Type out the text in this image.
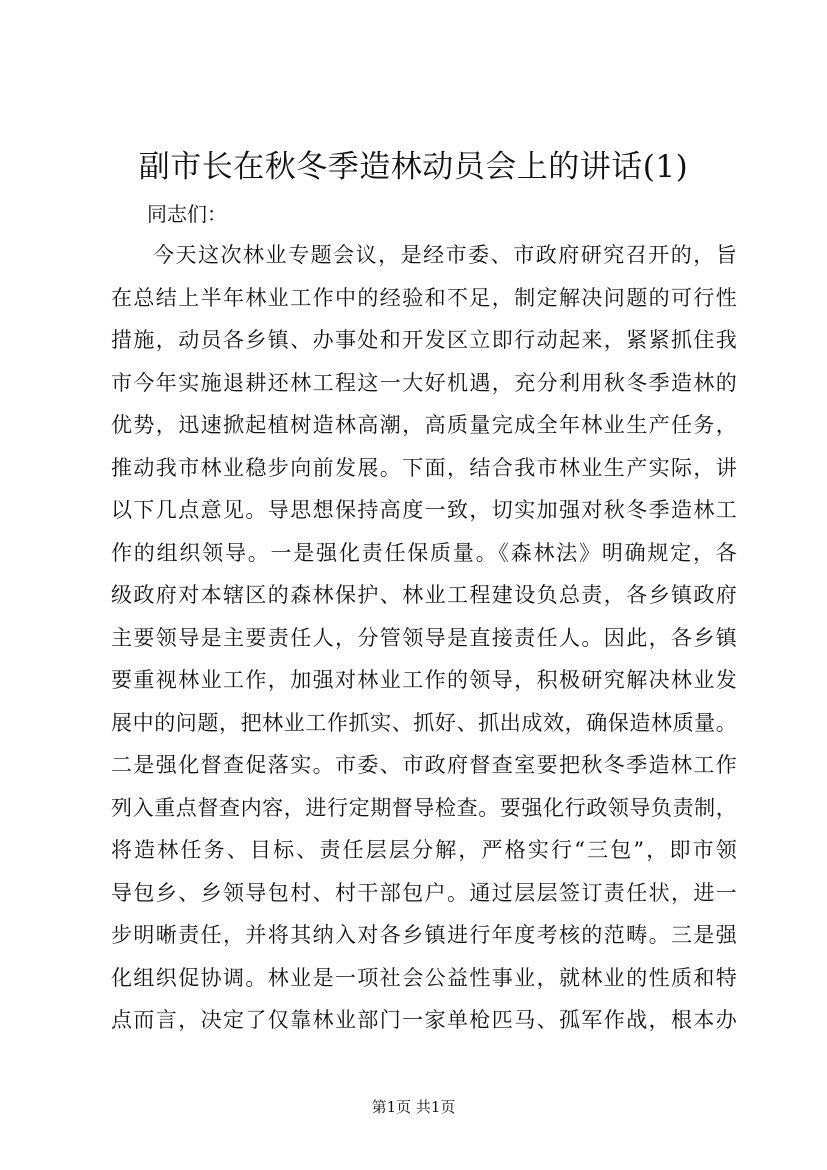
副市长在秋冬季造林动员会上的讲话(1)
同志们：
今天这次林业专题会议，是经市委、市政府研究召开的，旨
在总结上半年林业工作中的经验和不足，制定解决问题的可行性
措施，动员各乡镇、办事处和开发区立即行动起来，紧紧抓住我
市今年实施退耕还林工程这一大好机遇，充分利用秋冬季造林的
优势，迅速掀起植树造林高潮，高质量完成全年林业生产任务，
推动我市林业稳步向前发展。下面，结合我市林业生产实际，讲
以下几点意见。导思想保持高度一致，切实加强对秋冬季造林工
作的组织领导。一是强化责任保质量。《森林法》明确规定，各
级政府对本辖区的森林保护、林业工程建设负总责，各乡镇政府
主要领导是主要责任人，分管领导是直接责任人。因此，各乡镇
要重视林业工作，加强对林业工作的领导，积极研究解决林业发
展中的问题，把林业工作抓实、抓好、抓出成效，确保造林质量。
二是强化督查促落实。市委、市政府督查室要把秋冬季造林工作
列入重点督查内容，进行定期督导检查。要强化行政领导负责制，
将造林任务、目标、责任层层分解，严格实行“三包”，即市领
导包乡、乡领导包村、村干部包户。通过层层签订责任状，进一
步明晰责任，并将其纳入对各乡镇进行年度考核的范畴。三是强
化组织促协调。林业是一项社会公益性事业，就林业的性质和特
点而言，决定了仅靠林业部门一家单枪匹马、孤军作战，根本办
第1页 共1页
